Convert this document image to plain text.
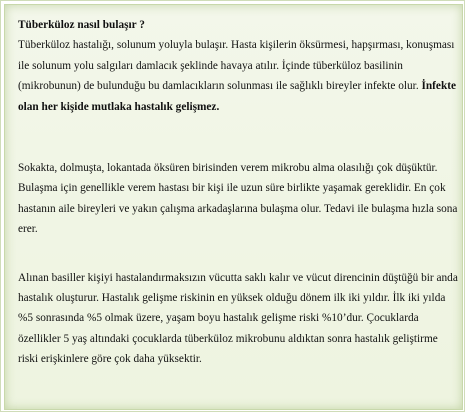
Tüberküloz nasıl bulaşır ?

Tüberküloz hastalığı, solunum yoluyla bulaşır. Hasta kişilerin öksürmesi, hapşırması, konuşması ile solunum yolu salgıları damlacık şeklinde havaya atılır. İçinde tüberküloz basilinin (mikrobunun) de bulunduğu bu damlacıkların solunması ile sağlıklı bireyler infekte olur. İnfekte olan her kişide mutlaka hastalık gelişmez.

Sokakta, dolmuşta, lokantada öksüren birisinden verem mikrobu alma olasılığı çok düşüktür. Bulaşma için genellikle verem hastası bir kişi ile uzun süre birlikte yaşamak gereklidir. En çok hastanın aile bireyleri ve yakın çalışma arkadaşlarına bulaşma olur. Tedavi ile bulaşma hızla sona erer.

Alınan basiller kişiyi hastalandırmaksızın vücutta saklı kalır ve vücut direncinin düştüğü bir anda hastalık oluşturur. Hastalık gelişme riskinin en yüksek olduğu dönem ilk iki yıldır. İlk iki yılda %5 sonrasında %5 olmak üzere, yaşam boyu hastalık gelişme riski %10’dur. Çocuklarda özellikler 5 yaş altındaki çocuklarda tüberküloz mikrobunu aldıktan sonra hastalık geliştirme riski erişkinlere göre çok daha yüksektir.
